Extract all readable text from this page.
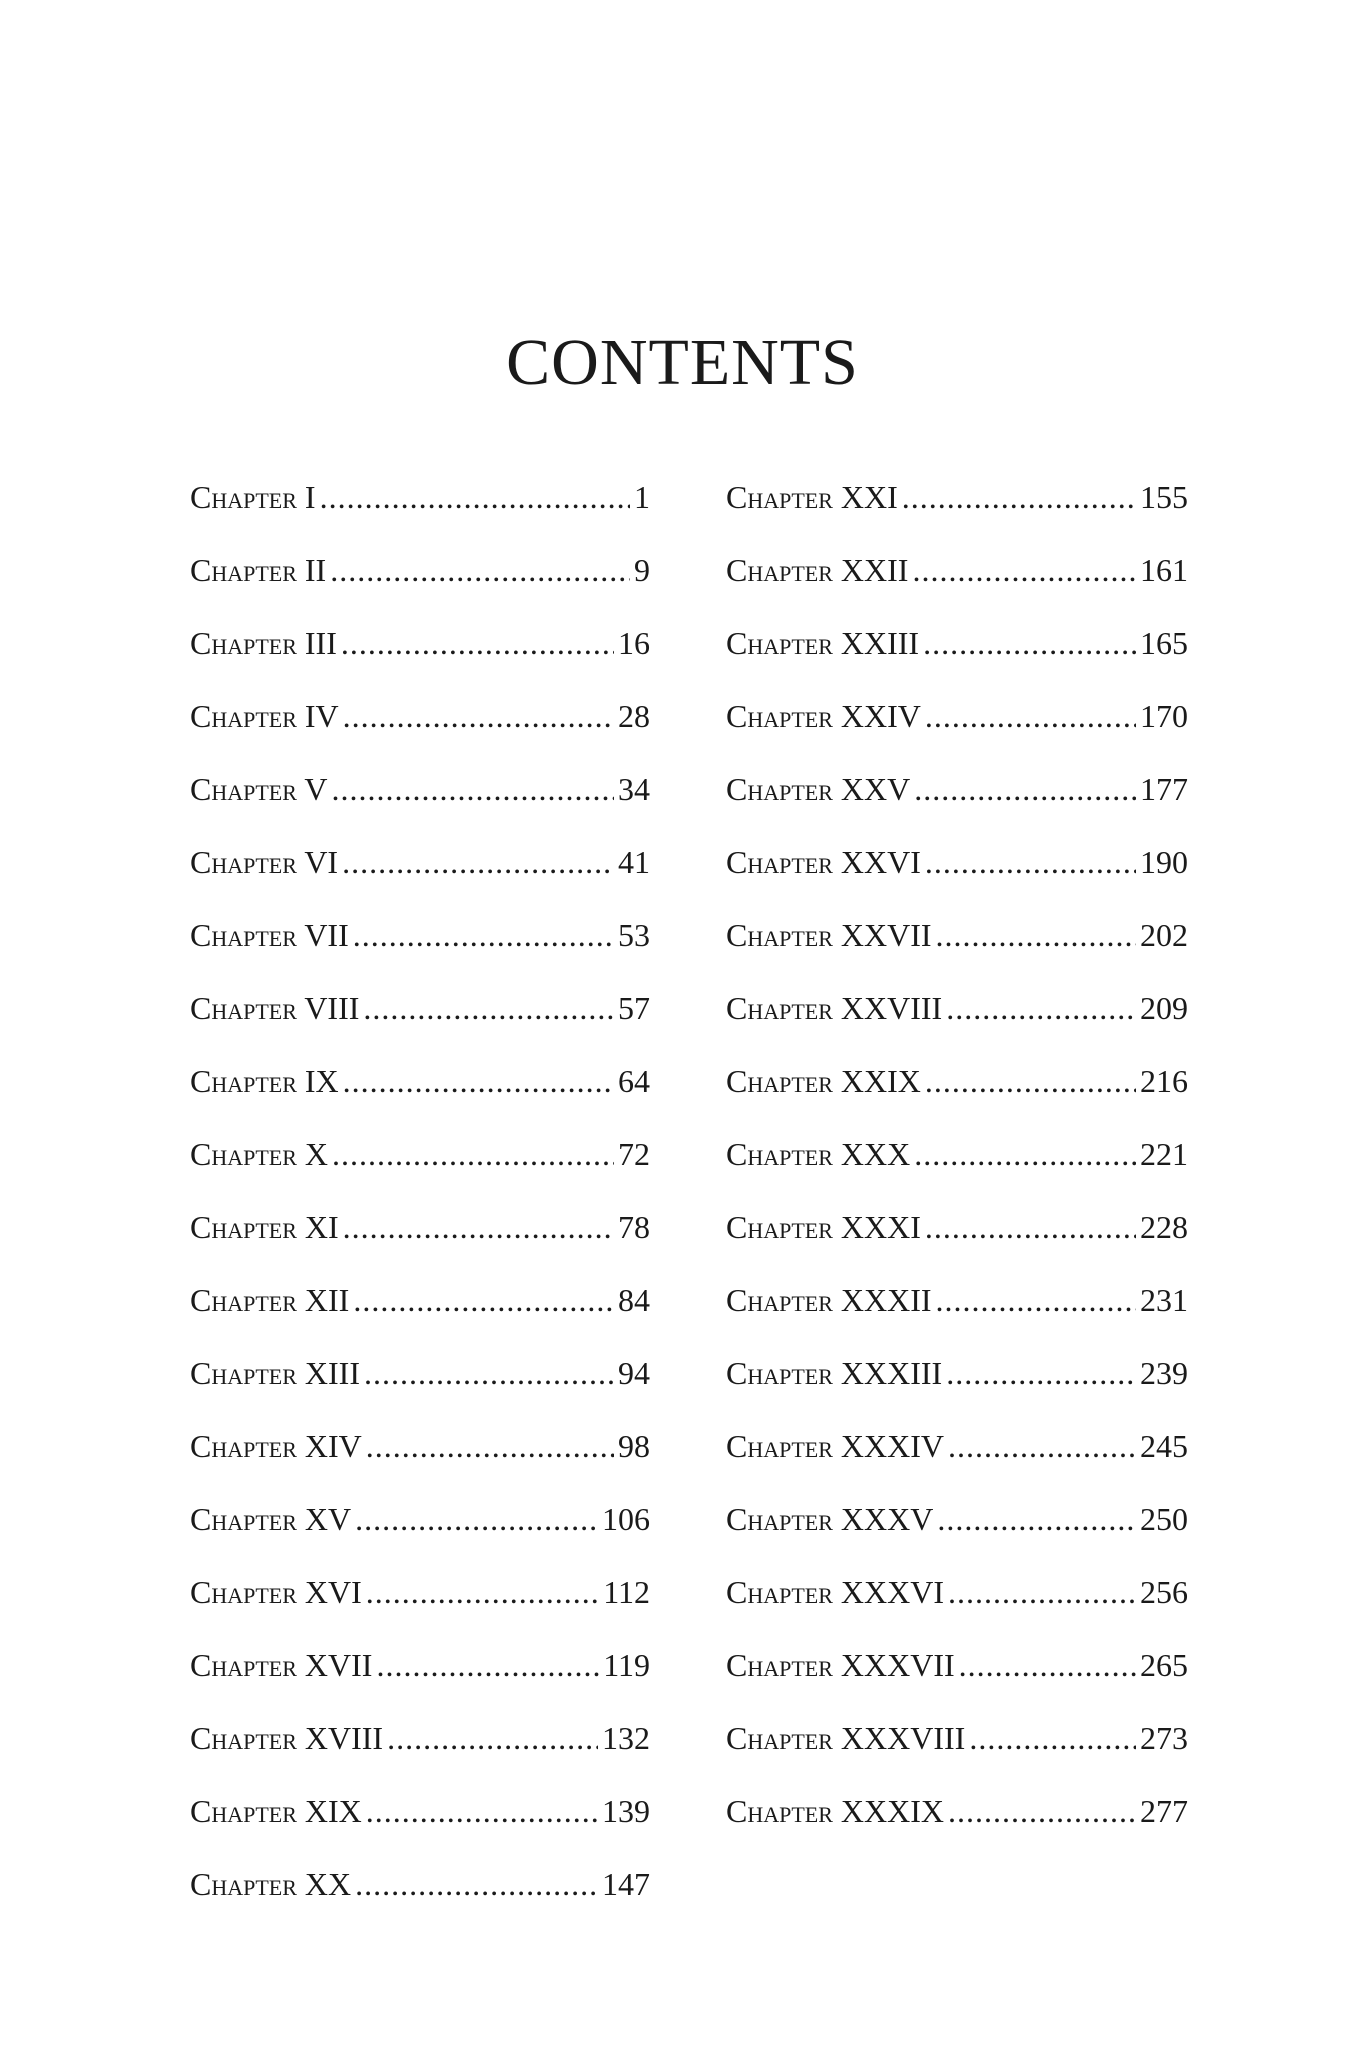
CONTENTS
Chapter I .....	1
Chapter II .....	9
Chapter III .....	16
Chapter IV .....	28
Chapter V .....	34
Chapter VI .....	41
Chapter VII .....	53
Chapter VIII .....	57
Chapter IX .....	64
Chapter X .....	72
Chapter XI .....	78
Chapter XII .....	84
Chapter XIII .....	94
Chapter XIV .....	98
Chapter XV .....	106
Chapter XVI .....	112
Chapter XVII .....	119
Chapter XVIII .....	132
Chapter XIX .....	139
Chapter XX .....	147
Chapter XXI .....	155
Chapter XXII .....	161
Chapter XXIII .....	165
Chapter XXIV .....	170
Chapter XXV .....	177
Chapter XXVI .....	190
Chapter XXVII .....	202
Chapter XXVIII .....	209
Chapter XXIX .....	216
Chapter XXX .....	221
Chapter XXXI .....	228
Chapter XXXII .....	231
Chapter XXXIII .....	239
Chapter XXXIV .....	245
Chapter XXXV .....	250
Chapter XXXVI .....	256
Chapter XXXVII .....	265
Chapter XXXVIII .....	273
Chapter XXXIX .....	277
